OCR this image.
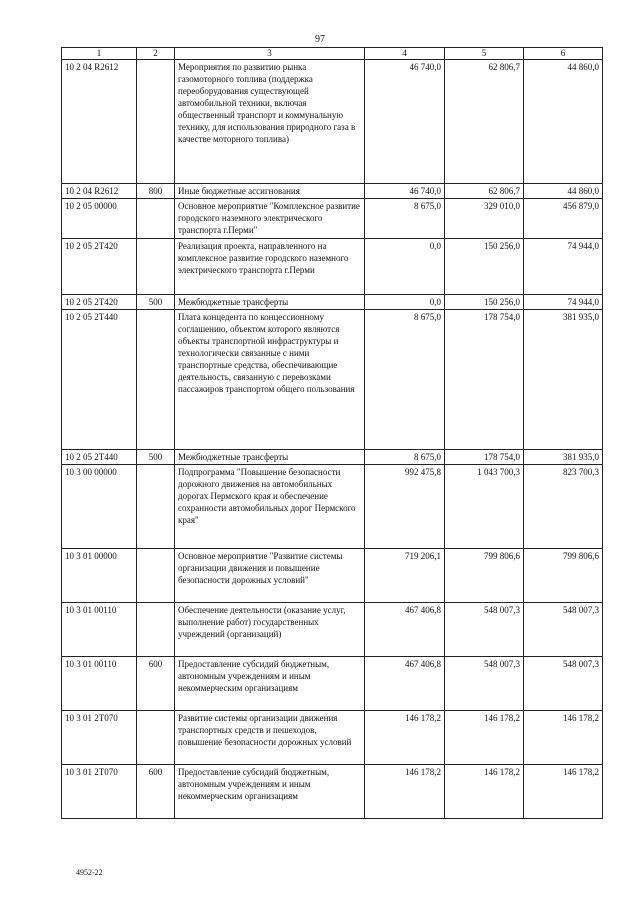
97
1	2	3	4	5	6
10 2 04 R2612		Мероприятия по развитию рынка газомоторного топлива (поддержка переоборудования существующей автомобильной техники, включая общественный транспорт и коммунальную технику, для использования природного газа в качестве моторного топлива)	46 740,0	62 806,7	44 860,0
10 2 04 R2612	800	Иные бюджетные ассигнования	46 740,0	62 806,7	44 860,0
10 2 05 00000		Основное мероприятие "Комплексное развитие городского наземного электрического транспорта г.Перми"	8 675,0	329 010,0	456 879,0
10 2 05 2Т420		Реализация проекта, направленного на комплексное развитие городского наземного электрического транспорта г.Перми	0,0	150 256,0	74 944,0
10 2 05 2Т420	500	Межбюджетные трансферты	0,0	150 256,0	74 944,0
10 2 05 2Т440		Плата концедента по концессионному соглашению, объектом которого являются объекты транспортной инфраструктуры и технологически связанные с ними транспортные средства, обеспечивающие деятельность, связанную с перевозками пассажиров транспортом общего пользования	8 675,0	178 754,0	381 935,0
10 2 05 2Т440	500	Межбюджетные трансферты	8 675,0	178 754,0	381 935,0
10 3 00 00000		Подпрограмма "Повышение безопасности дорожного движения на автомобильных дорогах Пермского края и обеспечение сохранности автомобильных дорог Пермского края"	992 475,8	1 043 700,3	823 700,3
10 3 01 00000		Основное мероприятие "Развитие системы организации движения и повышение безопасности дорожных условий"	719 206,1	799 806,6	799 806,6
10 3 01 00110		Обеспечение деятельности (оказание услуг, выполнение работ) государственных учреждений (организаций)	467 406,8	548 007,3	548 007,3
10 3 01 00110	600	Предоставление субсидий бюджетным, автономным учреждениям и иным некоммерческим организациям	467 406,8	548 007,3	548 007,3
10 3 01 2Т070		Развитие системы организации движения транспортных средств и пешеходов, повышение безопасности дорожных условий	146 178,2	146 178,2	146 178,2
10 3 01 2Т070	600	Предоставление субсидий бюджетным, автономным учреждениям и иным некоммерческим организациям	146 178,2	146 178,2	146 178,2
4952-22
